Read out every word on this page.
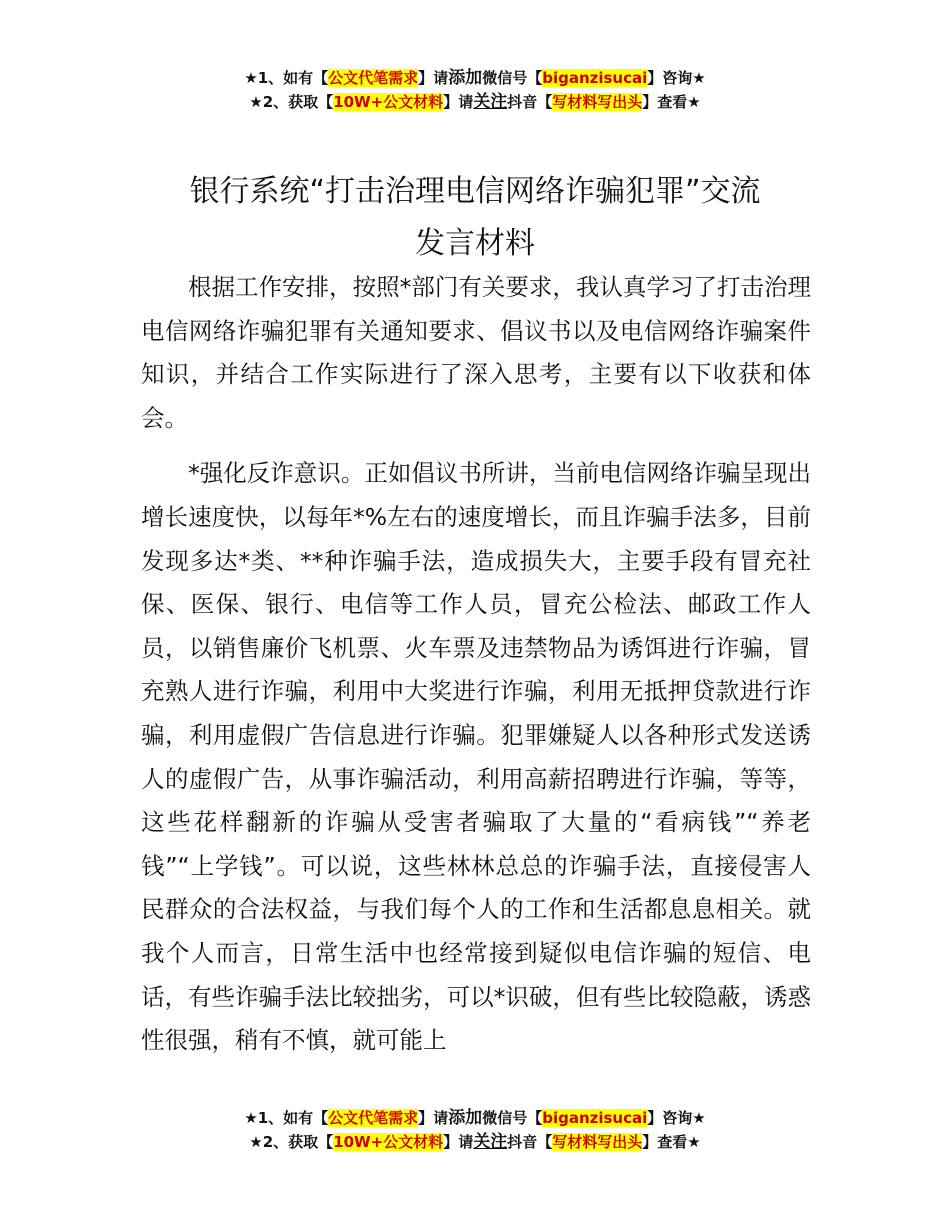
★1、如有【公文代笔需求】请添加微信号【biganzisucai】咨询★
★2、获取【10W+公文材料】请关注抖音【写材料写出头】查看★
银行系统“打击治理电信网络诈骗犯罪”交流
发言材料

根据工作安排，按照*部门有关要求，我认真学习了打击治理电信网络诈骗犯罪有关通知要求、倡议书以及电信网络诈骗案件知识，并结合工作实际进行了深入思考，主要有以下收获和体会。

*强化反诈意识。正如倡议书所讲，当前电信网络诈骗呈现出增长速度快，以每年*%左右的速度增长，而且诈骗手法多，目前发现多达*类、**种诈骗手法，造成损失大，主要手段有冒充社保、医保、银行、电信等工作人员，冒充公检法、邮政工作人员，以销售廉价飞机票、火车票及违禁物品为诱饵进行诈骗，冒充熟人进行诈骗，利用中大奖进行诈骗，利用无抵押贷款进行诈骗，利用虚假广告信息进行诈骗。犯罪嫌疑人以各种形式发送诱人的虚假广告，从事诈骗活动，利用高薪招聘进行诈骗，等等，这些花样翻新的诈骗从受害者骗取了大量的“看病钱”“养老钱”“上学钱”。可以说，这些林林总总的诈骗手法，直接侵害人民群众的合法权益，与我们每个人的工作和生活都息息相关。就我个人而言，日常生活中也经常接到疑似电信诈骗的短信、电话，有些诈骗手法比较拙劣，可以*识破，但有些比较隐蔽，诱惑性很强，稍有不慎，就可能上

★1、如有【公文代笔需求】请添加微信号【biganzisucai】咨询★
★2、获取【10W+公文材料】请关注抖音【写材料写出头】查看★
